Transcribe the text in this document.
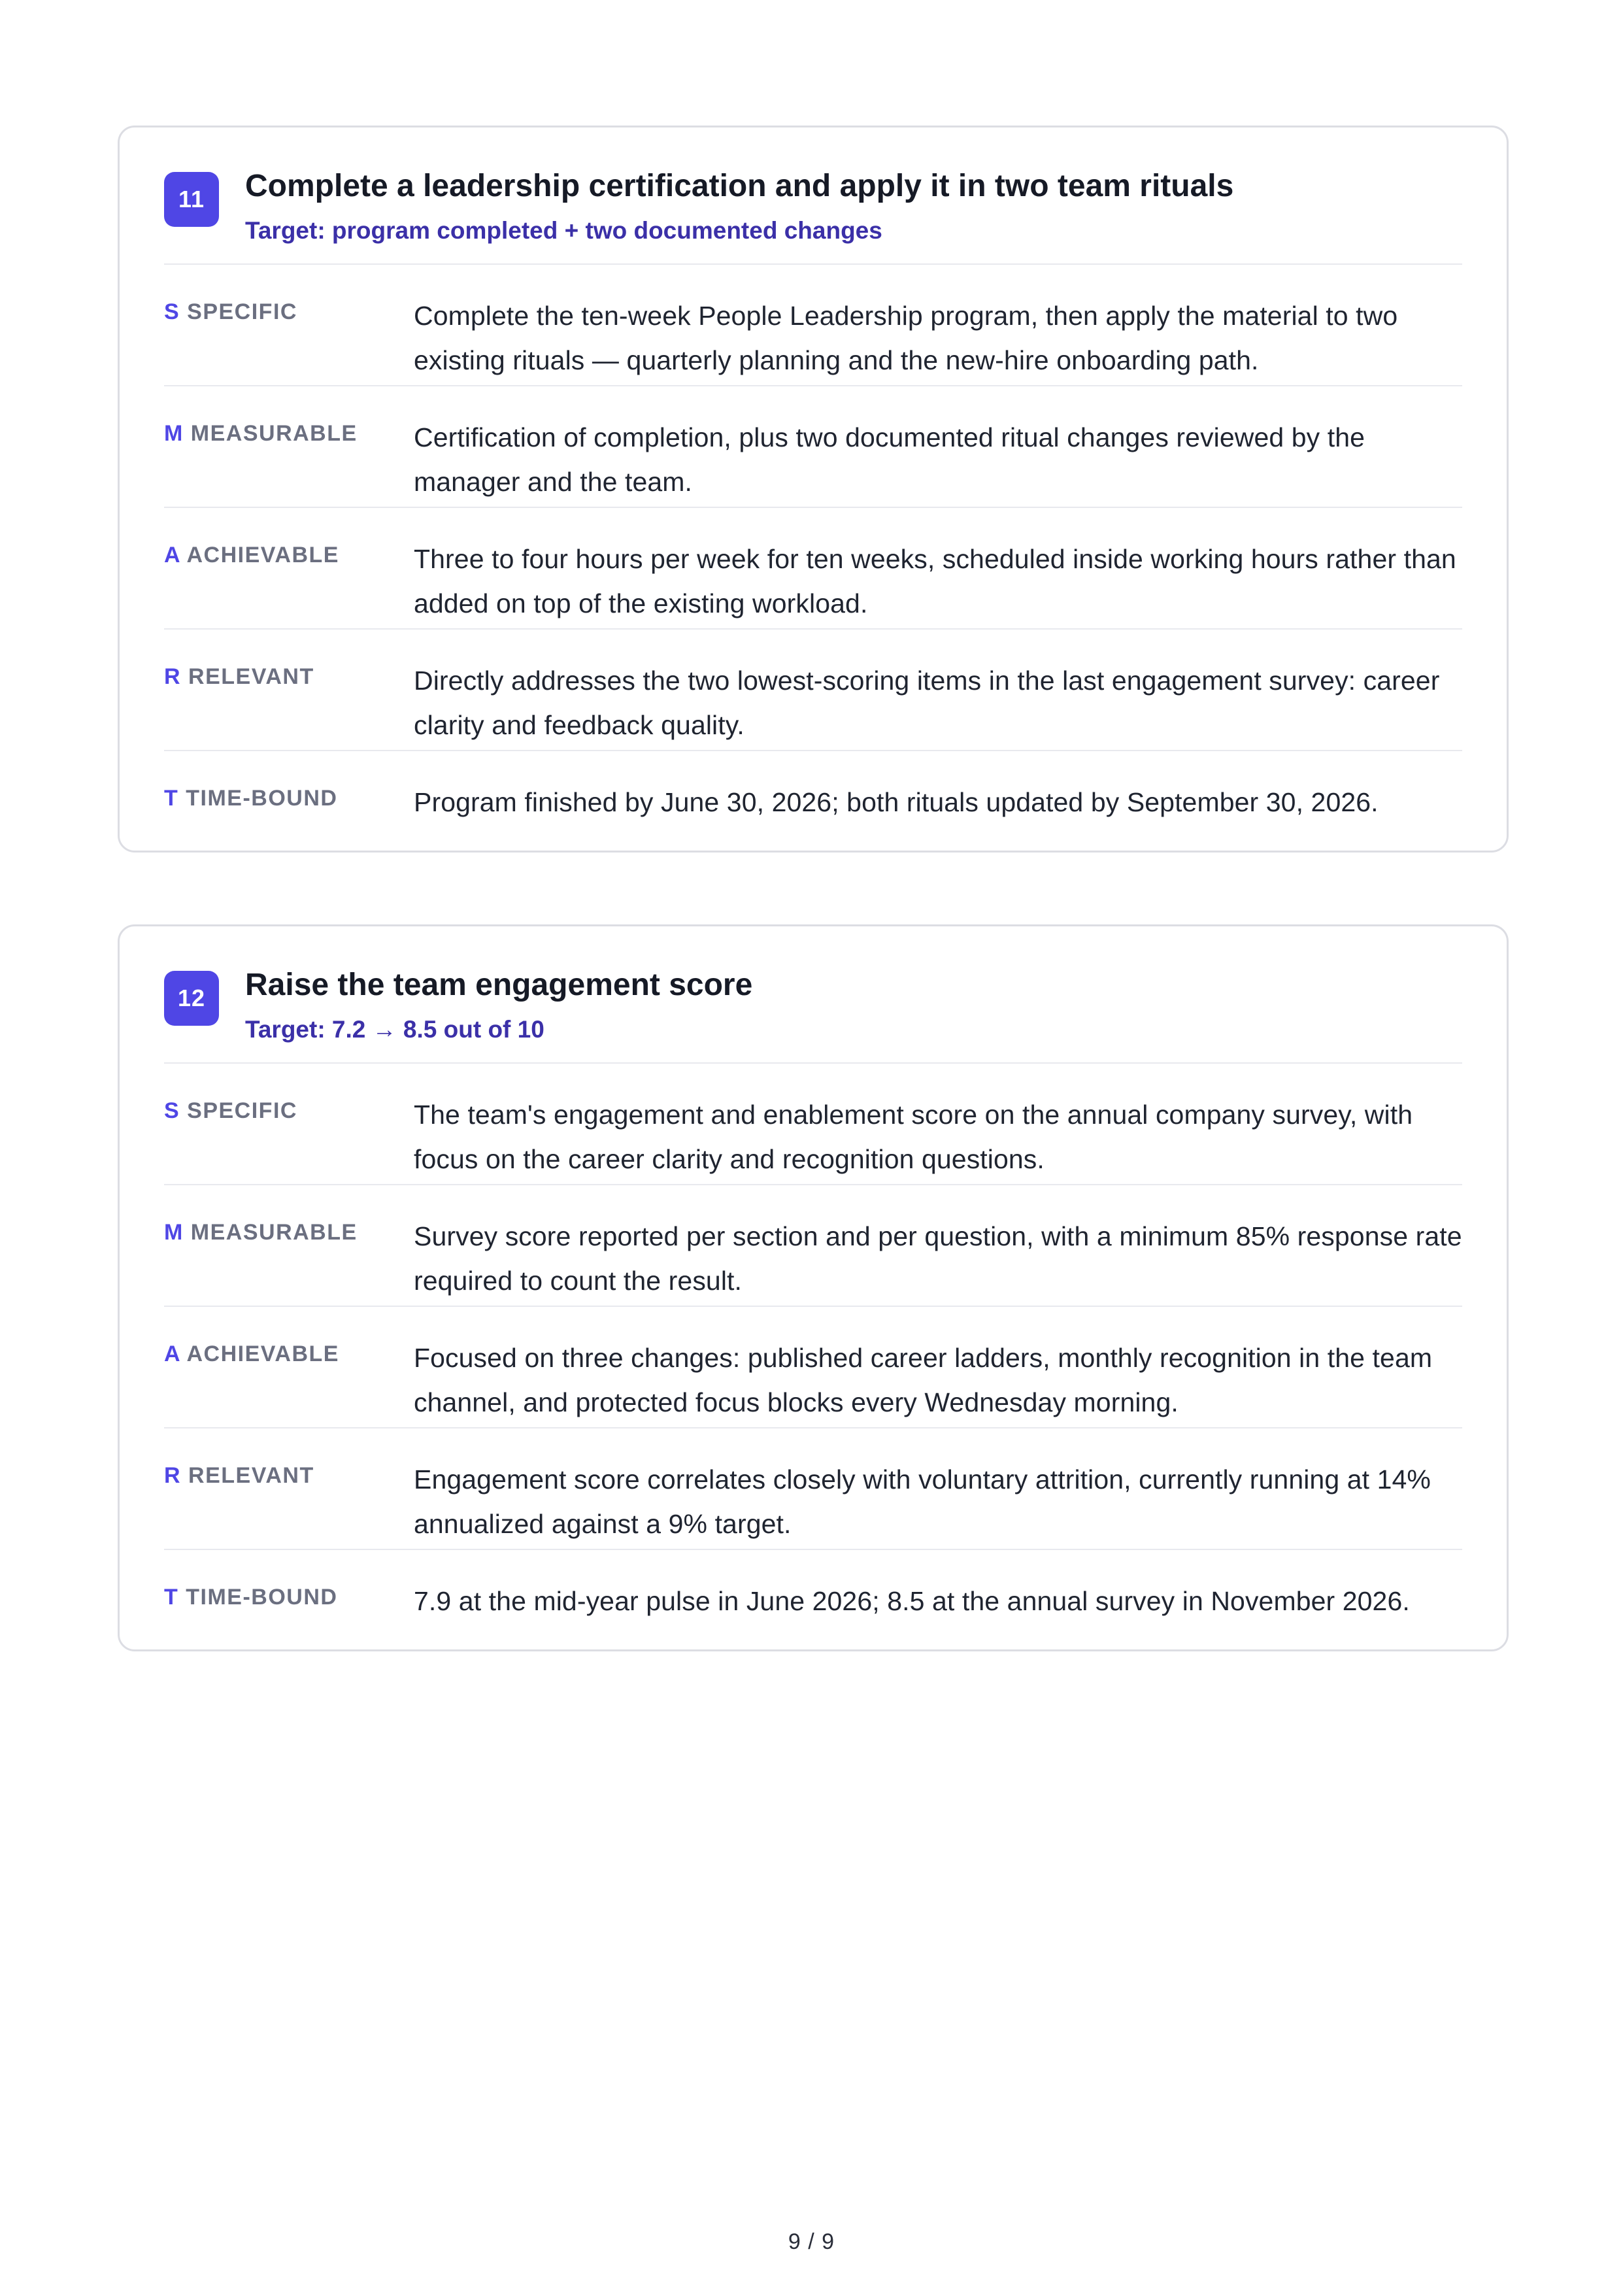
11	Complete a leadership certification and apply it in two team rituals
Target: program completed + two documented changes
S SPECIFIC	Complete the ten-week People Leadership program, then apply the material to two existing rituals — quarterly planning and the new-hire onboarding path.
M MEASURABLE	Certification of completion, plus two documented ritual changes reviewed by the manager and the team.
A ACHIEVABLE	Three to four hours per week for ten weeks, scheduled inside working hours rather than added on top of the existing workload.
R RELEVANT	Directly addresses the two lowest-scoring items in the last engagement survey: career clarity and feedback quality.
T TIME-BOUND	Program finished by June 30, 2026; both rituals updated by September 30, 2026.
12	Raise the team engagement score
Target: 7.2 → 8.5 out of 10
S SPECIFIC	The team's engagement and enablement score on the annual company survey, with focus on the career clarity and recognition questions.
M MEASURABLE	Survey score reported per section and per question, with a minimum 85% response rate required to count the result.
A ACHIEVABLE	Focused on three changes: published career ladders, monthly recognition in the team channel, and protected focus blocks every Wednesday morning.
R RELEVANT	Engagement score correlates closely with voluntary attrition, currently running at 14% annualized against a 9% target.
T TIME-BOUND	7.9 at the mid-year pulse in June 2026; 8.5 at the annual survey in November 2026.
9 / 9
